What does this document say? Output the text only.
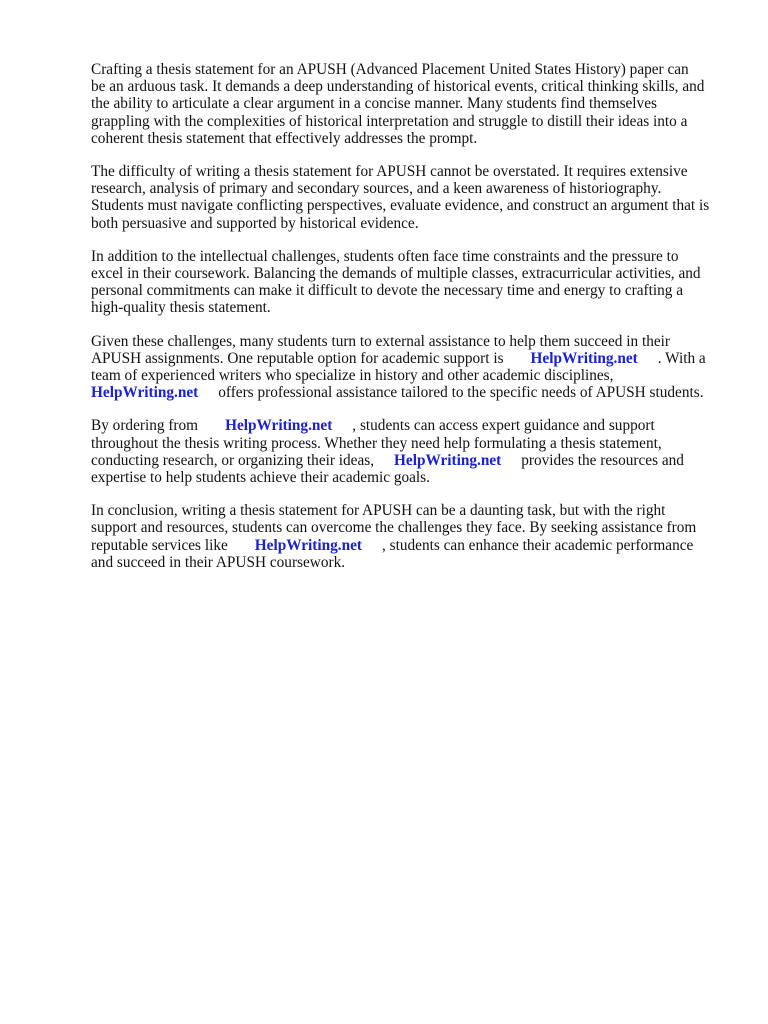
Crafting a thesis statement for an APUSH (Advanced Placement United States History) paper can
be an arduous task. It demands a deep understanding of historical events, critical thinking skills, and
the ability to articulate a clear argument in a concise manner. Many students find themselves
grappling with the complexities of historical interpretation and struggle to distill their ideas into a
coherent thesis statement that effectively addresses the prompt.

The difficulty of writing a thesis statement for APUSH cannot be overstated. It requires extensive
research, analysis of primary and secondary sources, and a keen awareness of historiography.
Students must navigate conflicting perspectives, evaluate evidence, and construct an argument that is
both persuasive and supported by historical evidence.

In addition to the intellectual challenges, students often face time constraints and the pressure to
excel in their coursework. Balancing the demands of multiple classes, extracurricular activities, and
personal commitments can make it difficult to devote the necessary time and energy to crafting a
high-quality thesis statement.

Given these challenges, many students turn to external assistance to help them succeed in their
APUSH assignments. One reputable option for academic support is HelpWriting.net . With a
team of experienced writers who specialize in history and other academic disciplines,
HelpWriting.net offers professional assistance tailored to the specific needs of APUSH students.

By ordering from HelpWriting.net , students can access expert guidance and support
throughout the thesis writing process. Whether they need help formulating a thesis statement,
conducting research, or organizing their ideas, HelpWriting.net provides the resources and
expertise to help students achieve their academic goals.

In conclusion, writing a thesis statement for APUSH can be a daunting task, but with the right
support and resources, students can overcome the challenges they face. By seeking assistance from
reputable services like HelpWriting.net , students can enhance their academic performance
and succeed in their APUSH coursework.
